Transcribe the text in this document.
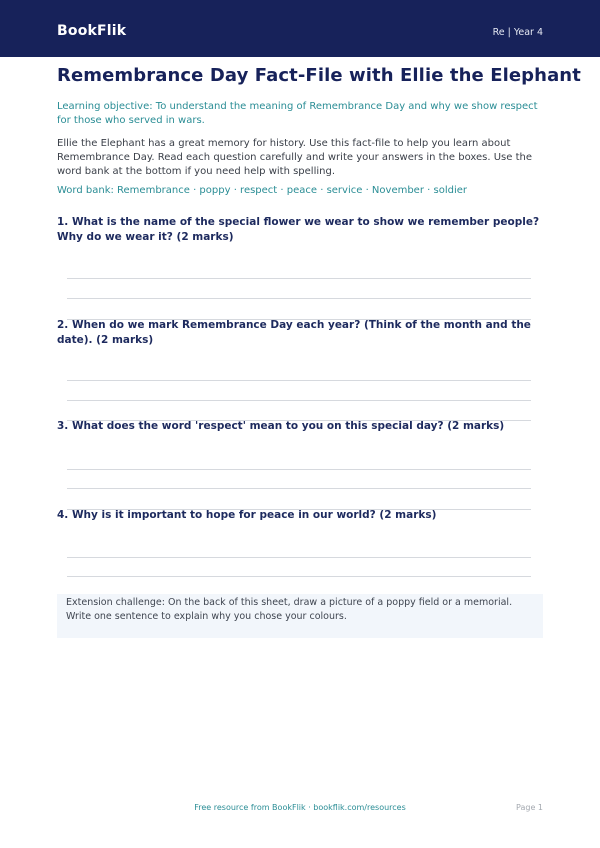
BookFlik	Re | Year 4
Remembrance Day Fact-File with Ellie the Elephant
Learning objective: To understand the meaning of Remembrance Day and why we show respect for those who served in wars.
Ellie the Elephant has a great memory for history. Use this fact-file to help you learn about Remembrance Day. Read each question carefully and write your answers in the boxes. Use the word bank at the bottom if you need help with spelling.
Word bank: Remembrance · poppy · respect · peace · service · November · soldier
1. What is the name of the special flower we wear to show we remember people? Why do we wear it? (2 marks)
2. When do we mark Remembrance Day each year? (Think of the month and the date). (2 marks)
3. What does the word 'respect' mean to you on this special day? (2 marks)
4. Why is it important to hope for peace in our world? (2 marks)
Extension challenge: On the back of this sheet, draw a picture of a poppy field or a memorial. Write one sentence to explain why you chose your colours.
Free resource from BookFlik · bookflik.com/resources	Page 1
